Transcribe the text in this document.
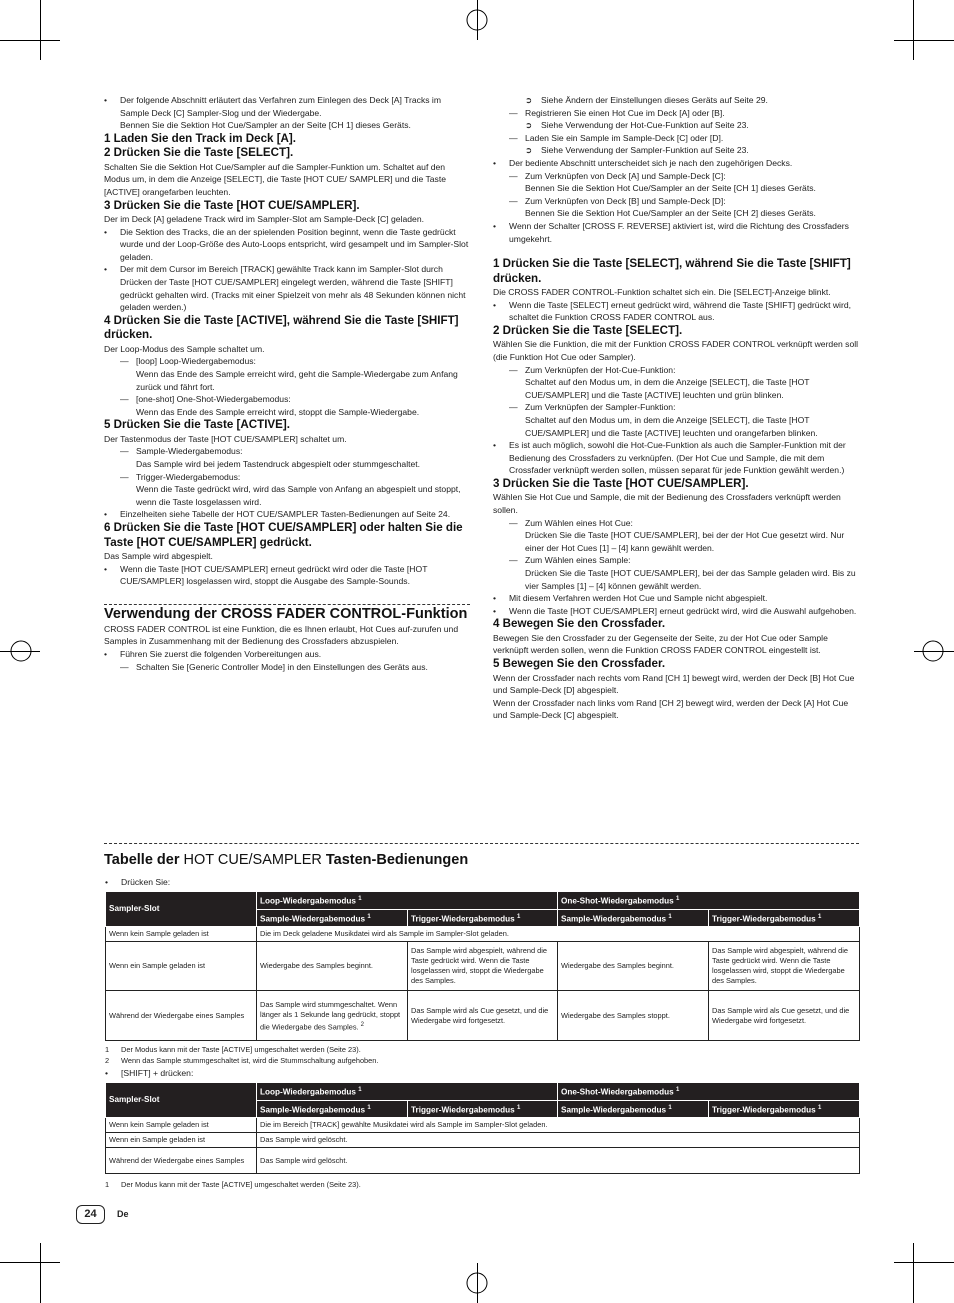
•	Der folgende Abschnitt erläutert das Verfahren zum Einlegen des Deck [A] Tracks im Sample Deck [C] Sampler-Slog und der Wiedergabe.
Bennen Sie die Sektion Hot Cue/Sampler an der Seite [CH 1] dieses Geräts.

1 Laden Sie den Track im Deck [A].

2 Drücken Sie die Taste [SELECT].

Schalten Sie die Sektion Hot Cue/Sampler auf die Sampler-Funktion um. Schaltet auf den Modus um, in dem die Anzeige [SELECT], die Taste [HOT CUE/ SAMPLER] und die Taste [ACTIVE] orangefarben leuchten.

3 Drücken Sie die Taste [HOT CUE/SAMPLER].

Der im Deck [A] geladene Track wird im Sampler-Slot am Sample-Deck [C] geladen.

•	Die Sektion des Tracks, die an der spielenden Position beginnt, wenn die Taste gedrückt wurde und der Loop-Größe des Auto-Loops entspricht, wird gesampelt und im Sampler-Slot geladen.
•	Der mit dem Cursor im Bereich [TRACK] gewählte Track kann im Sampler-Slot durch Drücken der Taste [HOT CUE/SAMPLER] eingelegt werden, während die Taste [SHIFT] gedrückt gehalten wird. (Tracks mit einer Spielzeit von mehr als 48 Sekunden können nicht geladen werden.)

4 Drücken Sie die Taste [ACTIVE], während Sie die Taste [SHIFT] drücken.

Der Loop-Modus des Sample schaltet um.

— [loop] Loop-Wiedergabemodus:
Wenn das Ende des Sample erreicht wird, geht die Sample-Wiedergabe zum Anfang zurück und fährt fort.
— [one-shot] One-Shot-Wiedergabemodus:
Wenn das Ende des Sample erreicht wird, stoppt die Sample-Wiedergabe.

5 Drücken Sie die Taste [ACTIVE].

Der Tastenmodus der Taste [HOT CUE/SAMPLER] schaltet um.

— Sample-Wiedergabemodus:
Das Sample wird bei jedem Tastendruck abgespielt oder stummgeschaltet.
— Trigger-Wiedergabemodus:
Wenn die Taste gedrückt wird, wird das Sample von Anfang an abgespielt und stoppt, wenn die Taste losgelassen wird.
•	Einzelheiten siehe Tabelle der HOT CUE/SAMPLER Tasten-Bedienungen auf Seite 24.

6 Drücken Sie die Taste [HOT CUE/SAMPLER] oder halten Sie die Taste [HOT CUE/SAMPLER] gedrückt.

Das Sample wird abgespielt.

•	Wenn die Taste [HOT CUE/SAMPLER] erneut gedrückt wird oder die Taste [HOT CUE/SAMPLER] losgelassen wird, stoppt die Ausgabe des Sample-Sounds.

Verwendung der CROSS FADER CONTROL-Funktion

CROSS FADER CONTROL ist eine Funktion, die es Ihnen erlaubt, Hot Cues auf-zurufen und Samples in Zusammenhang mit der Bedienung des Crossfaders abzuspielen.

•	Führen Sie zuerst die folgenden Vorbereitungen aus.
— Schalten Sie [Generic Controller Mode] in den Einstellungen des Geräts aus.
➲	Siehe Ändern der Einstellungen dieses Geräts auf Seite 29.
— Registrieren Sie einen Hot Cue im Deck [A] oder [B].
➲	Siehe Verwendung der Hot-Cue-Funktion auf Seite 23.
— Laden Sie ein Sample im Sample-Deck [C] oder [D].
➲	Siehe Verwendung der Sampler-Funktion auf Seite 23.
•	Der bediente Abschnitt unterscheidet sich je nach den zugehörigen Decks.
— Zum Verknüpfen von Deck [A] und Sample-Deck [C]:
Bennen Sie die Sektion Hot Cue/Sampler an der Seite [CH 1] dieses Geräts.
— Zum Verknüpfen von Deck [B] und Sample-Deck [D]:
Bennen Sie die Sektion Hot Cue/Sampler an der Seite [CH 2] dieses Geräts.
•	Wenn der Schalter [CROSS F. REVERSE] aktiviert ist, wird die Richtung des Crossfaders umgekehrt.

1 Drücken Sie die Taste [SELECT], während Sie die Taste [SHIFT] drücken.

Die CROSS FADER CONTROL-Funktion schaltet sich ein. Die [SELECT]-Anzeige blinkt.

•	Wenn die Taste [SELECT] erneut gedrückt wird, während die Taste [SHIFT] gedrückt wird, schaltet die Funktion CROSS FADER CONTROL aus.

2 Drücken Sie die Taste [SELECT].

Wählen Sie die Funktion, die mit der Funktion CROSS FADER CONTROL verknüpft werden soll (die Funktion Hot Cue oder Sampler).

— Zum Verknüpfen der Hot-Cue-Funktion:
Schaltet auf den Modus um, in dem die Anzeige [SELECT], die Taste [HOT CUE/SAMPLER] und die Taste [ACTIVE] leuchten und grün blinken.
— Zum Verknüpfen der Sampler-Funktion:
Schaltet auf den Modus um, in dem die Anzeige [SELECT], die Taste [HOT CUE/SAMPLER] und die Taste [ACTIVE] leuchten und orangefarben blinken.
•	Es ist auch möglich, sowohl die Hot-Cue-Funktion als auch die Sampler-Funktion mit der Bedienung des Crossfaders zu verknüpfen. (Der Hot Cue und Sample, die mit dem Crossfader verknüpft werden sollen, müssen separat für jede Funktion gewählt werden.)

3 Drücken Sie die Taste [HOT CUE/SAMPLER].

Wählen Sie Hot Cue und Sample, die mit der Bedienung des Crossfaders verknüpft werden sollen.

— Zum Wählen eines Hot Cue:
Drücken Sie die Taste [HOT CUE/SAMPLER], bei der der Hot Cue gesetzt wird. Nur einer der Hot Cues [1] – [4] kann gewählt werden.
— Zum Wählen eines Sample:
Drücken Sie die Taste [HOT CUE/SAMPLER], bei der das Sample geladen wird. Bis zu vier Samples [1] – [4] können gewählt werden.
•	Mit diesem Verfahren werden Hot Cue und Sample nicht abgespielt.
•	Wenn die Taste [HOT CUE/SAMPLER] erneut gedrückt wird, wird die Auswahl aufgehoben.

4 Bewegen Sie den Crossfader.

Bewegen Sie den Crossfader zu der Gegenseite der Seite, zu der Hot Cue oder Sample verknüpft werden sollen, wenn die Funktion CROSS FADER CONTROL eingestellt ist.

5 Bewegen Sie den Crossfader.

Wenn der Crossfader nach rechts vom Rand [CH 1] bewegt wird, werden der Deck [B] Hot Cue und Sample-Deck [D] abgespielt.

Wenn der Crossfader nach links vom Rand [CH 2] bewegt wird, werden der Deck [A] Hot Cue und Sample-Deck [C] abgespielt.

Tabelle der HOT CUE/SAMPLER Tasten-Bedienungen
• Drücken Sie:
Sampler-Slot	Loop-Wiedergabemodus $^1$		One-Shot-Wiedergabemodus $^1$
	Sample-Wiedergabemodus $^1$	Trigger-Wiedergabemodus $^1$	Sample-Wiedergabemodus $^1$	Trigger-Wiedergabemodus $^1$
Wenn kein Sample geladen ist	Die im Deck geladene Musikdatei wird als Sample im Sampler-Slot geladen.			
Wenn ein Sample geladen ist	Wiedergabe des Samples beginnt.	Das Sample wird abgespielt, während die Taste gedrückt wird. Wenn die Taste losgelassen wird, stoppt die Wiedergabe des Samples.	Wiedergabe des Samples beginnt.	Das Sample wird abgespielt, während die Taste gedrückt wird. Wenn die Taste losgelassen wird, stoppt die Wiedergabe des Samples.
Während der Wiedergabe eines Samples	Das Sample wird stummgeschaltet. Wenn länger als 1 Sekunde lang gedrückt, stoppt die Wiedergabe des Samples. $^2$	Das Sample wird als Cue gesetzt, und die Wiedergabe wird fortgesetzt.	Wiedergabe des Samples stoppt.	Das Sample wird als Cue gesetzt, und die Wiedergabe wird fortgesetzt.
1	Der Modus kann mit der Taste [ACTIVE] umgeschaltet werden (Seite 23).
2	Wenn das Sample stummgeschaltet ist, wird die Stummschaltung aufgehoben.
• [SHIFT] + drücken:
Sampler-Slot	Loop-Wiedergabemodus $^1$		One-Shot-Wiedergabemodus $^1$
	Sample-Wiedergabemodus $^1$	Trigger-Wiedergabemodus $^1$	Sample-Wiedergabemodus $^1$	Trigger-Wiedergabemodus $^1$
Wenn kein Sample geladen ist	Die im Bereich [TRACK] gewählte Musikdatei wird als Sample im Sampler-Slot geladen.			
Wenn ein Sample geladen ist	Das Sample wird gelöscht.			
Während der Wiedergabe eines Samples	Das Sample wird gelöscht.			
1	Der Modus kann mit der Taste [ACTIVE] umgeschaltet werden (Seite 23).
24	De
